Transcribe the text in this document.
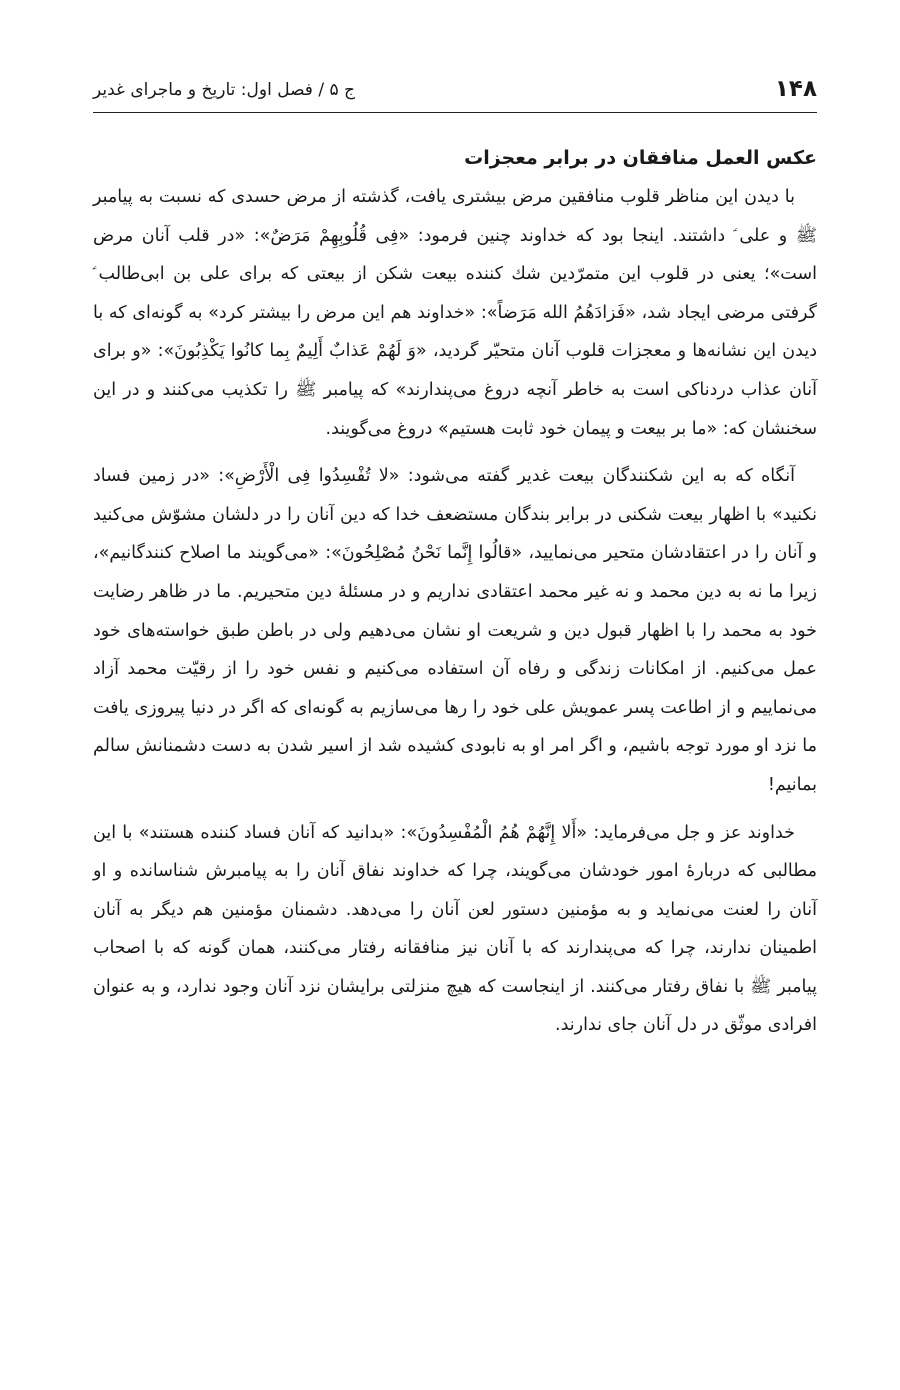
۱۴۸
ج ۵ / فصل اول: تاريخ و ماجراى غدير
عكس العمل منافقان در برابر معجزات

با ديدن اين مناظر قلوب منافقين مرض بيشترى يافت، گذشته از مرض حسدى كه نسبت به پيامبر ﷺ و على ؑ داشتند. اينجا بود كه خداوند چنين فرمود: «فِى قُلُوبِهِمْ مَرَضٌ»: «در قلب آنان مرض است»؛ يعنى در قلوب اين متمرّدين شك كننده بيعت شكن از بيعتى كه براى على بن ابى‌طالب ؑ گرفتى مرضى ايجاد شد، «فَزادَهُمُ الله مَرَضاً»: «خداوند هم اين مرض را بيشتر كرد» به گونه‌اى كه با ديدن اين نشانه‌ها و معجزات قلوب آنان متحيّر گرديد، «وَ لَهُمْ عَذابٌ أَلِيمٌ بِما كانُوا يَكْذِبُونَ»: «و براى آنان عذاب دردناكى است به خاطر آنچه دروغ مى‌پندارند» كه پيامبر ﷺ را تكذيب مى‌كنند و در اين سخنشان كه: «ما بر بيعت و پيمان خود ثابت هستيم» دروغ مى‌گويند.

آنگاه كه به اين شكنندگان بيعت غدير گفته مى‌شود: «لا تُفْسِدُوا فِى الْأَرْضِ»: «در زمين فساد نكنيد» با اظهار بيعت شكنى در برابر بندگان مستضعف خدا كه دين آنان را در دلشان مشوّش مى‌كنيد و آنان را در اعتقادشان متحير مى‌نماييد، «قالُوا إِنَّما نَحْنُ مُصْلِحُونَ»: «مى‌گويند ما اصلاح كنندگانيم»، زيرا ما نه به دين محمد و نه غير محمد اعتقادى نداريم و در مسئلهٔ دين متحيريم. ما در ظاهر رضايت خود به محمد را با اظهار قبول دين و شريعت او نشان مى‌دهيم ولى در باطن طبق خواسته‌هاى خود عمل مى‌كنيم. از امكانات زندگى و رفاه آن استفاده مى‌كنيم و نفس خود را از رقيّت محمد آزاد مى‌نماييم و از اطاعت پسر عمويش على خود را رها مى‌سازيم به گونه‌اى كه اگر در دنيا پيروزى يافت ما نزد او مورد توجه باشيم، و اگر امر او به نابودى كشيده شد از اسير شدن به دست دشمنانش سالم بمانيم!

خداوند عز و جل مى‌فرمايد: «أَلا إِنَّهُمْ هُمُ الْمُفْسِدُونَ»: «بدانيد كه آنان فساد كننده هستند» با اين مطالبى كه دربارهٔ امور خودشان مى‌گويند، چرا كه خداوند نفاق آنان را به پيامبرش شناسانده و او آنان را لعنت مى‌نمايد و به مؤمنين دستور لعن آنان را مى‌دهد. دشمنان مؤمنين هم ديگر به آنان اطمينان ندارند، چرا كه مى‌پندارند كه با آنان نيز منافقانه رفتار مى‌كنند، همان گونه كه با اصحاب پيامبر ﷺ با نفاق رفتار مى‌كنند. از اينجاست كه هيچ منزلتى برايشان نزد آنان وجود ندارد، و به عنوان افرادى موثّق در دل آنان جاى ندارند.
